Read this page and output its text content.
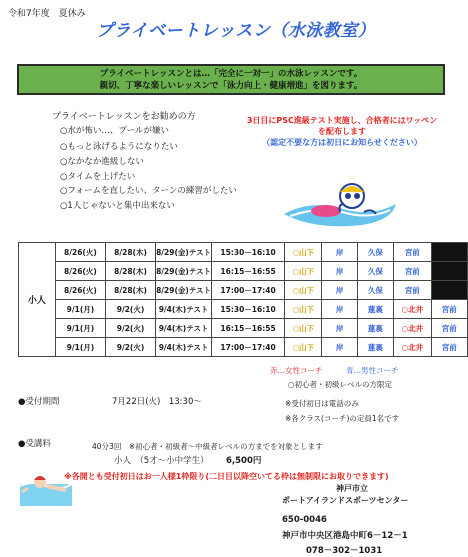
令和7年度　夏休み
プライベートレッスン（水泳教室）
プライベートレッスンとは…「完全に一対一」の水泳レッスンです。
親切、丁寧な楽しいレッスンで「泳力向上・健康増進」を図ります。
プライベートレッスンをお勧めの方
○水が怖い…、プールが嫌い
○もっと泳げるようになりたい
○なかなか進級しない
○タイムを上げたい
○フォームを直したい、ターンの練習がしたい
○1人じゃないと集中出来ない
3日目にPSC進級テスト実施し、合格者にはワッペン
を配布します
（認定不要な方は初日にお知らせください）
小人	8/26(火)	8/28(木)	8/29(金)テスト	15:30－16:10	○山下	岸	久保	宮前	
	8/26(火)	8/28(木)	8/29(金)テスト	16:15－16:55	○山下	岸	久保	宮前	
	8/26(火)	8/28(木)	8/29(金)テスト	17:00－17:40	○山下	岸	久保	宮前	
	9/1(月)	9/2(火)	9/4(木)テスト	15:30－16:10	○山下	岸	蓮裏	○北井	宮前
	9/1(月)	9/2(火)	9/4(木)テスト	16:15－16:55	○山下	岸	蓮裏	○北井	宮前
	9/1(月)	9/2(火)	9/4(木)テスト	17:00－17:40	○山下	岸	蓮裏	○北井	宮前
赤…女性コーチ	青…男性コーチ
○初心者・初級レベルの方限定
●受付期間	7月22日(火)　13:30～	※受付初日は電話のみ
※各クラス(コーチ)の定員1名です
●受講料	40分3回　※初心者・初級者～中級者レベルの方までを対象とします
小人　（5才～小中学生） 6,500円
※各開とも受付初日はお一人様1枠限り(二日目以降空いてる枠は無制限にお取りできます)
神戸市立
ポートアイランドスポーツセンター
650-0046
神戸市中央区港島中町6－12－1
078－302－1031
